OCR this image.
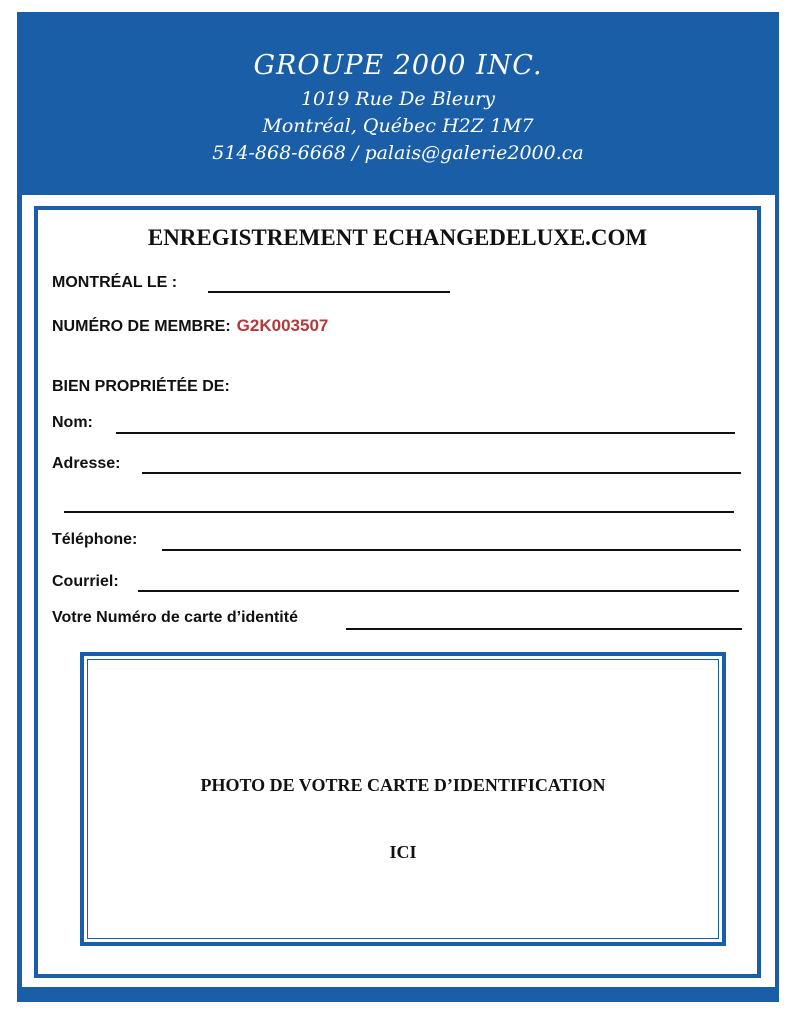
GROUPE 2000 INC.
1019 Rue De Bleury
Montréal, Québec H2Z 1M7
514-868-6668 / palais@galerie2000.ca
ENREGISTREMENT ECHANGEDELUXE.COM
MONTRÉAL LE :
NUMÉRO DE MEMBRE: G2K003507
BIEN PROPRIÉTÉE DE:
Nom:
Adresse:
Téléphone:
Courriel:
Votre Numéro de carte d’identité
PHOTO DE VOTRE CARTE D’IDENTIFICATION
ICI
